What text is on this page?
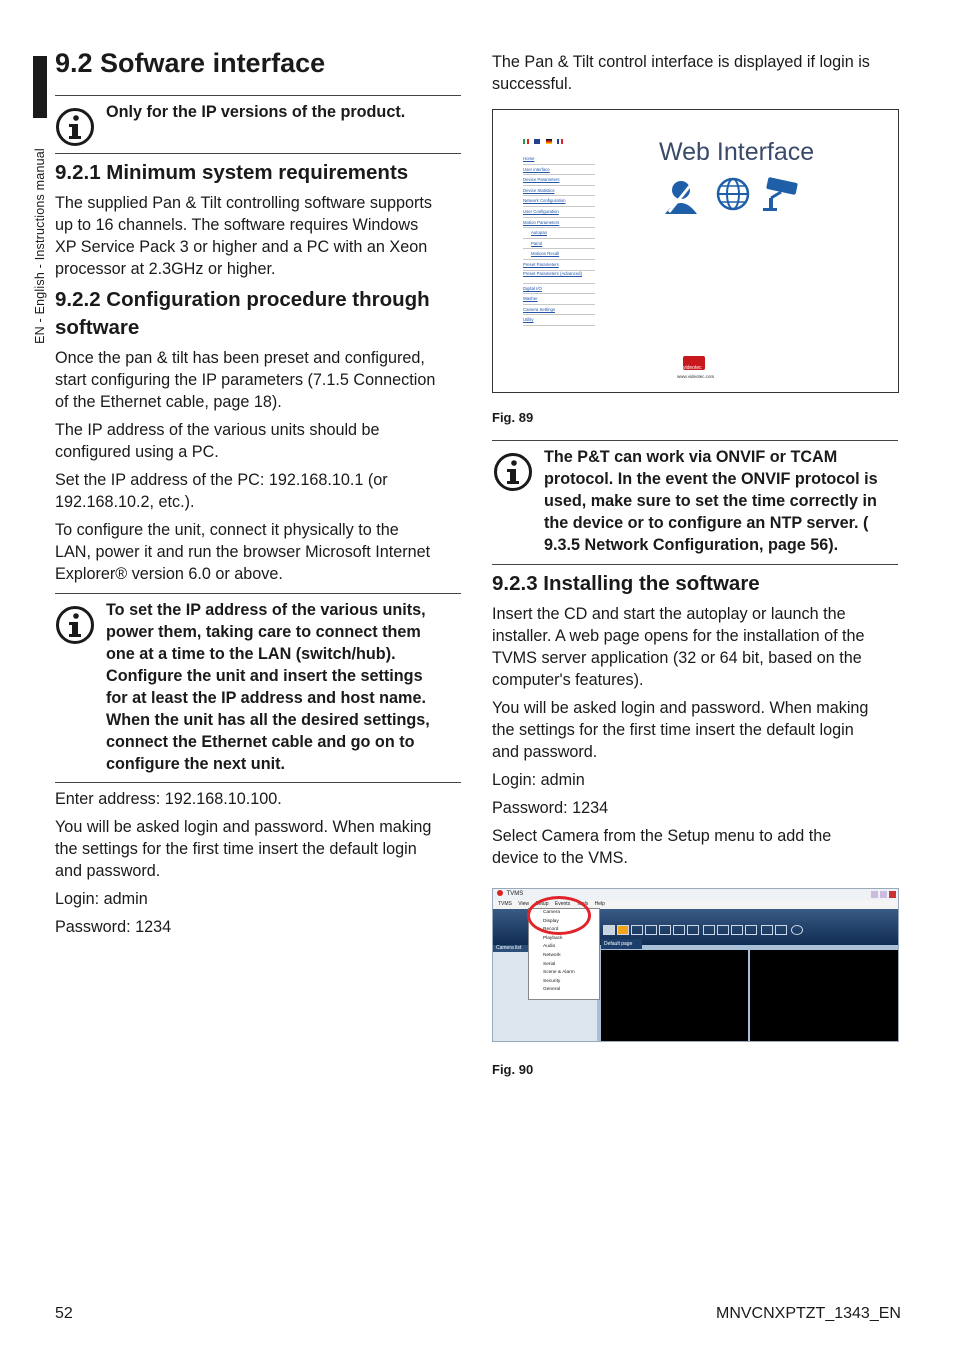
EN - English - Instructions manual
9.2 Sofware interface

Only for the IP versions of the product.

9.2.1 Minimum system requirements

The supplied Pan & Tilt controlling software supports

up to 16 channels. The software requires Windows

XP Service Pack 3 or higher and a PC with an Xeon

processor at 2.3GHz or higher.

9.2.2 Configuration procedure through
software

Once the pan & tilt has been preset and configured,

start configuring the IP parameters (7.1.5 Connection

of the Ethernet cable, page 18).

The IP address of the various units should be

configured using a PC.

Set the IP address of the PC: 192.168.10.1 (or

192.168.10.2, etc.).

To configure the unit, connect it physically to the

LAN, power it and run the browser Microsoft Internet

Explorer® version 6.0 or above.

To set the IP address of the various units,

power them, taking care to connect them

one at a time to the LAN (switch/hub).

Configure the unit and insert the settings

for at least the IP address and host name.

When the unit has all the desired settings,

connect the Ethernet cable and go on to

configure the next unit.

Enter address: 192.168.10.100.

You will be asked login and password. When making

the settings for the first time insert the default login

and password.

Login: admin

Password: 1234

The Pan & Tilt control interface is displayed if login is

successful.

Home
User interface
Device Parameters
Device Statistics
Network Configuration
User Configuration
Motion Parameters
Autopan
Patrol
Motions Recall
Preset Parameters
Preset Parameters (Advanced)
Digital I/O
Washer
Camera Settings
Utility
Web Interface
videotec
www.videotec.com
Fig. 89

The P&T can work via ONVIF or TCAM

protocol. In the event the ONVIF protocol is

used, make sure to set the time correctly in

the device or to configure an NTP server. (

9.3.5 Network Configuration, page 56).

9.2.3 Installing the software

Insert the CD and start the autoplay or launch the

installer. A web page opens for the installation of the

TVMS server application (32 or 64 bit, based on the

computer's features).

You will be asked login and password. When making

the settings for the first time insert the default login

and password.

Login: admin

Password: 1234

Select Camera from the Setup menu to add the

device to the VMS.

TVMS
TVMS View Setup Events Tools Help
Camera list
Default page
Camera
Display
Record
Playback
Audio
Network
Serial
Scene & Alarm
Security
General
Fig. 90
52	MNVCNXPTZT_1343_EN
